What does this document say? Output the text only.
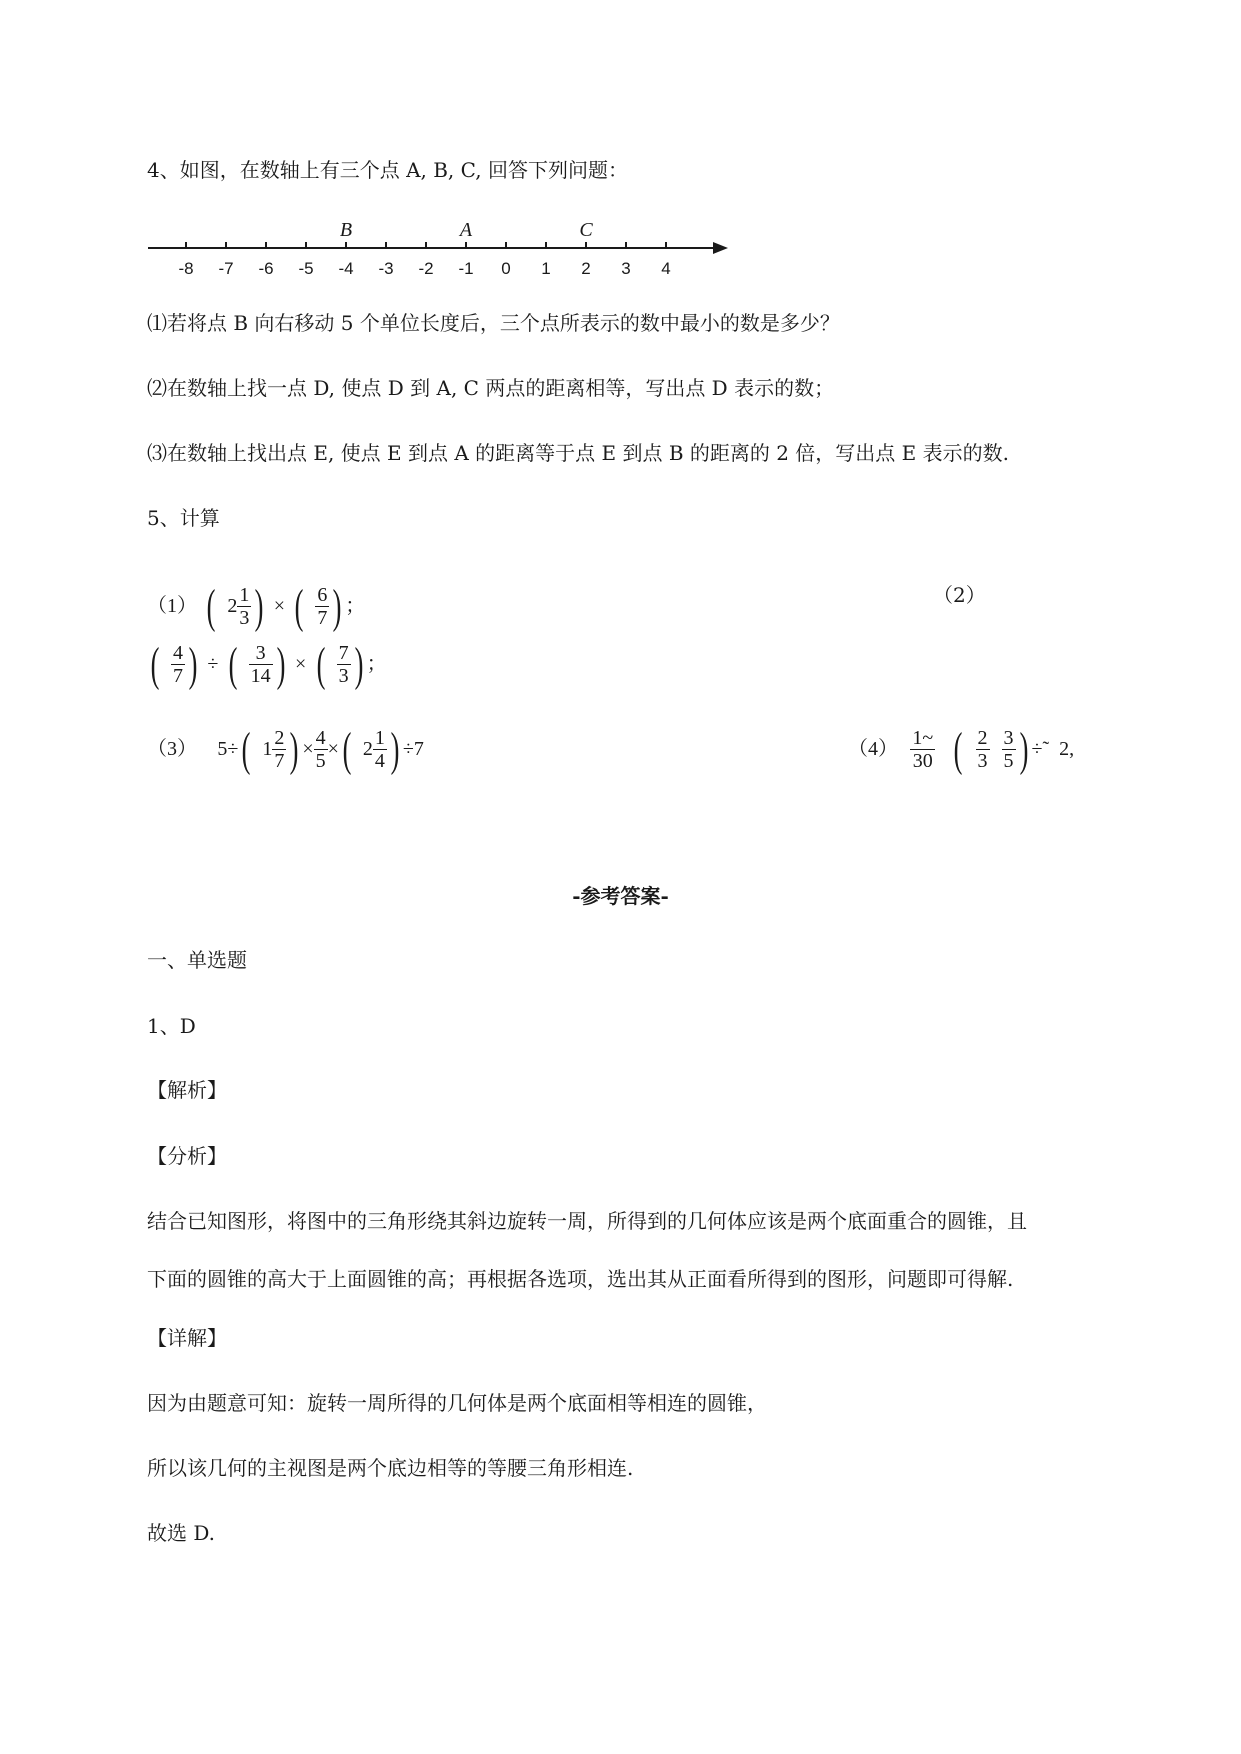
4、如图，在数轴上有三个点 A, B, C, 回答下列问题：
-8 -7 -6 -5 -4 -3 -2 -1 0 1 2 3 4
B	A	C
⑴若将点 B 向右移动 5 个单位长度后，三个点所表示的数中最小的数是多少？
⑵在数轴上找一点 D, 使点 D 到 A, C 两点的距离相等，写出点 D 表示的数；
⑶在数轴上找出点 E, 使点 E 到点 A 的距离等于点 E 到点 B 的距离的 2 倍，写出点 E 表示的数.
5、计算
（1） ( $2 \frac{1}{3}$ ) × ( $\frac{6}{7}$ ) ；	（2）
( $\frac{4}{7}$ ) ÷ ( $\frac{3}{14}$ ) × ( $\frac{7}{3}$ ) ；
（3） 5÷( $1 \frac{2}{7}$ ) × $\frac{4}{5}$ ×( $2 \frac{1}{4}$ ) ÷7	$(4) \frac{1\sim}{30}$ ( $\frac{2}{3} \frac{3}{5}$ ) ÷˜ 2,
-参考答案-
一、单选题
1、D
【解析】
【分析】
结合已知图形，将图中的三角形绕其斜边旋转一周，所得到的几何体应该是两个底面重合的圆锥，且
下面的圆锥的高大于上面圆锥的高；再根据各选项，选出其从正面看所得到的图形，问题即可得解.
【详解】
因为由题意可知：旋转一周所得的几何体是两个底面相等相连的圆锥，
所以该几何的主视图是两个底边相等的等腰三角形相连.
故选 D.
